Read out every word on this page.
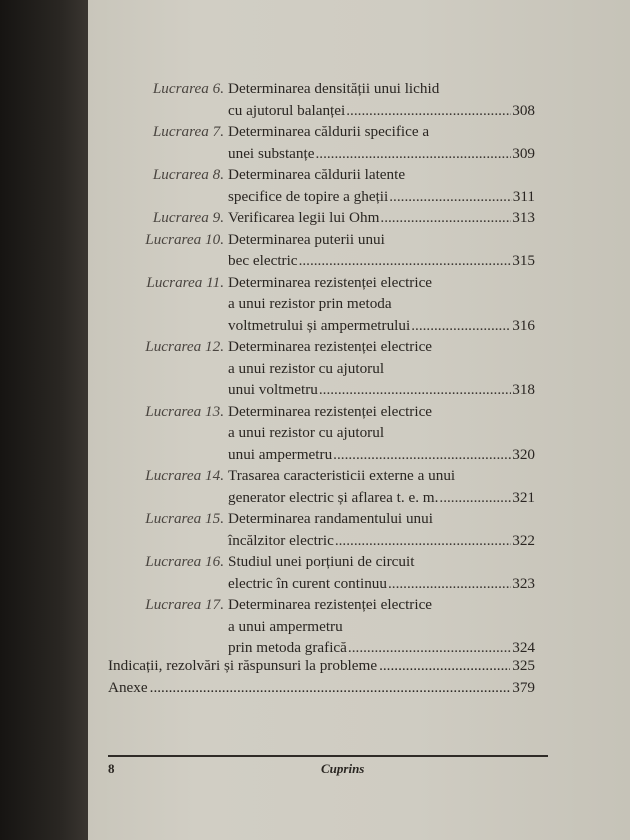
Lucrarea 6. Determinarea densității unui lichid
cu ajutorul balanței .....	308
Lucrarea 7. Determinarea căldurii specifice a
unei substanțe .....	309
Lucrarea 8. Determinarea căldurii latente
specifice de topire a gheții .....	311
Lucrarea 9. Verificarea legii lui Ohm .....	313
Lucrarea 10. Determinarea puterii unui
bec electric .....	315
Lucrarea 11. Determinarea rezistenței electrice
a unui rezistor prin metoda
voltmetrului și ampermetrului .....	316
Lucrarea 12. Determinarea rezistenței electrice
a unui rezistor cu ajutorul
unui voltmetru .....	318
Lucrarea 13. Determinarea rezistenței electrice
a unui rezistor cu ajutorul
unui ampermetru .....	320
Lucrarea 14. Trasarea caracteristicii externe a unui
generator electric și aflarea t. e. m. .....	321
Lucrarea 15. Determinarea randamentului unui
încălzitor electric .....	322
Lucrarea 16. Studiul unei porțiuni de circuit
electric în curent continuu .....	323
Lucrarea 17. Determinarea rezistenței electrice
a unui ampermetru
prin metoda grafică .....	324
Indicații, rezolvări și răspunsuri la probleme .....	325
Anexe .....	379
8	Cuprins
